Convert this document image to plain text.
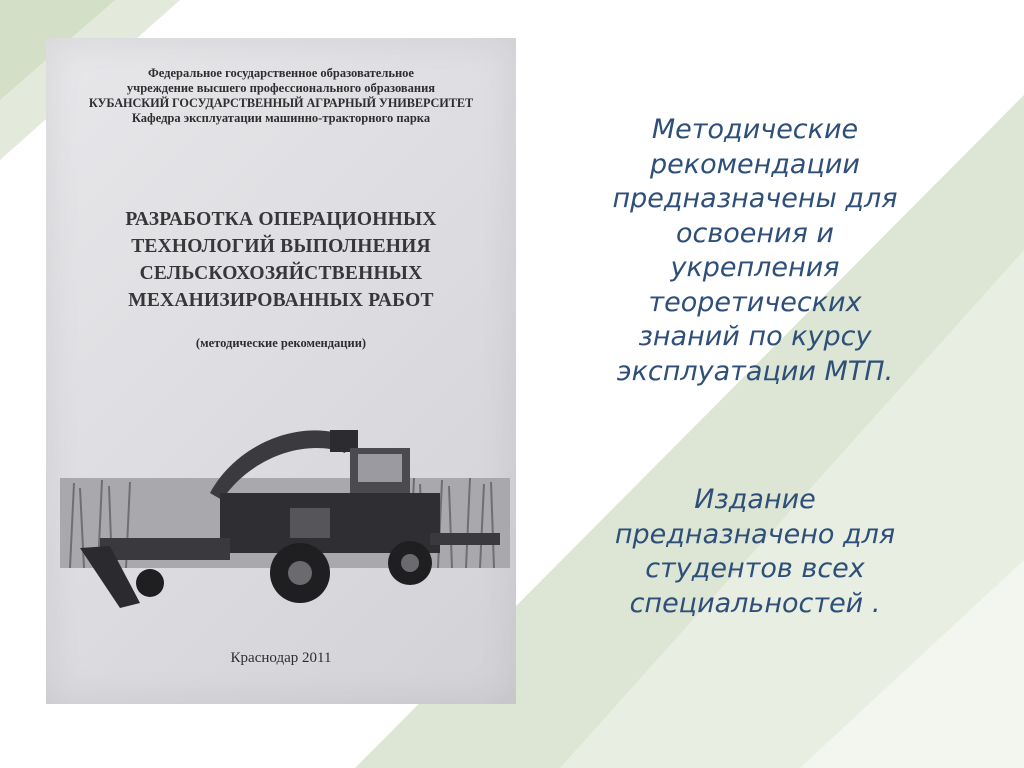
Федеральное государственное образовательное
учреждение высшего профессионального образования
КУБАНСКИЙ ГОСУДАРСТВЕННЫЙ АГРАРНЫЙ УНИВЕРСИТЕТ
Кафедра эксплуатации машинно-тракторного парка
РАЗРАБОТКА ОПЕРАЦИОННЫХ
ТЕХНОЛОГИЙ ВЫПОЛНЕНИЯ
СЕЛЬСКОХОЗЯЙСТВЕННЫХ
МЕХАНИЗИРОВАННЫХ РАБОТ
(методические рекомендации)
Краснодар 2011
Методические
рекомендации
предназначены для
освоения и
укрепления
теоретических
знаний по курсу
эксплуатации МТП.
Издание
предназначено для
студентов всех
специальностей .
